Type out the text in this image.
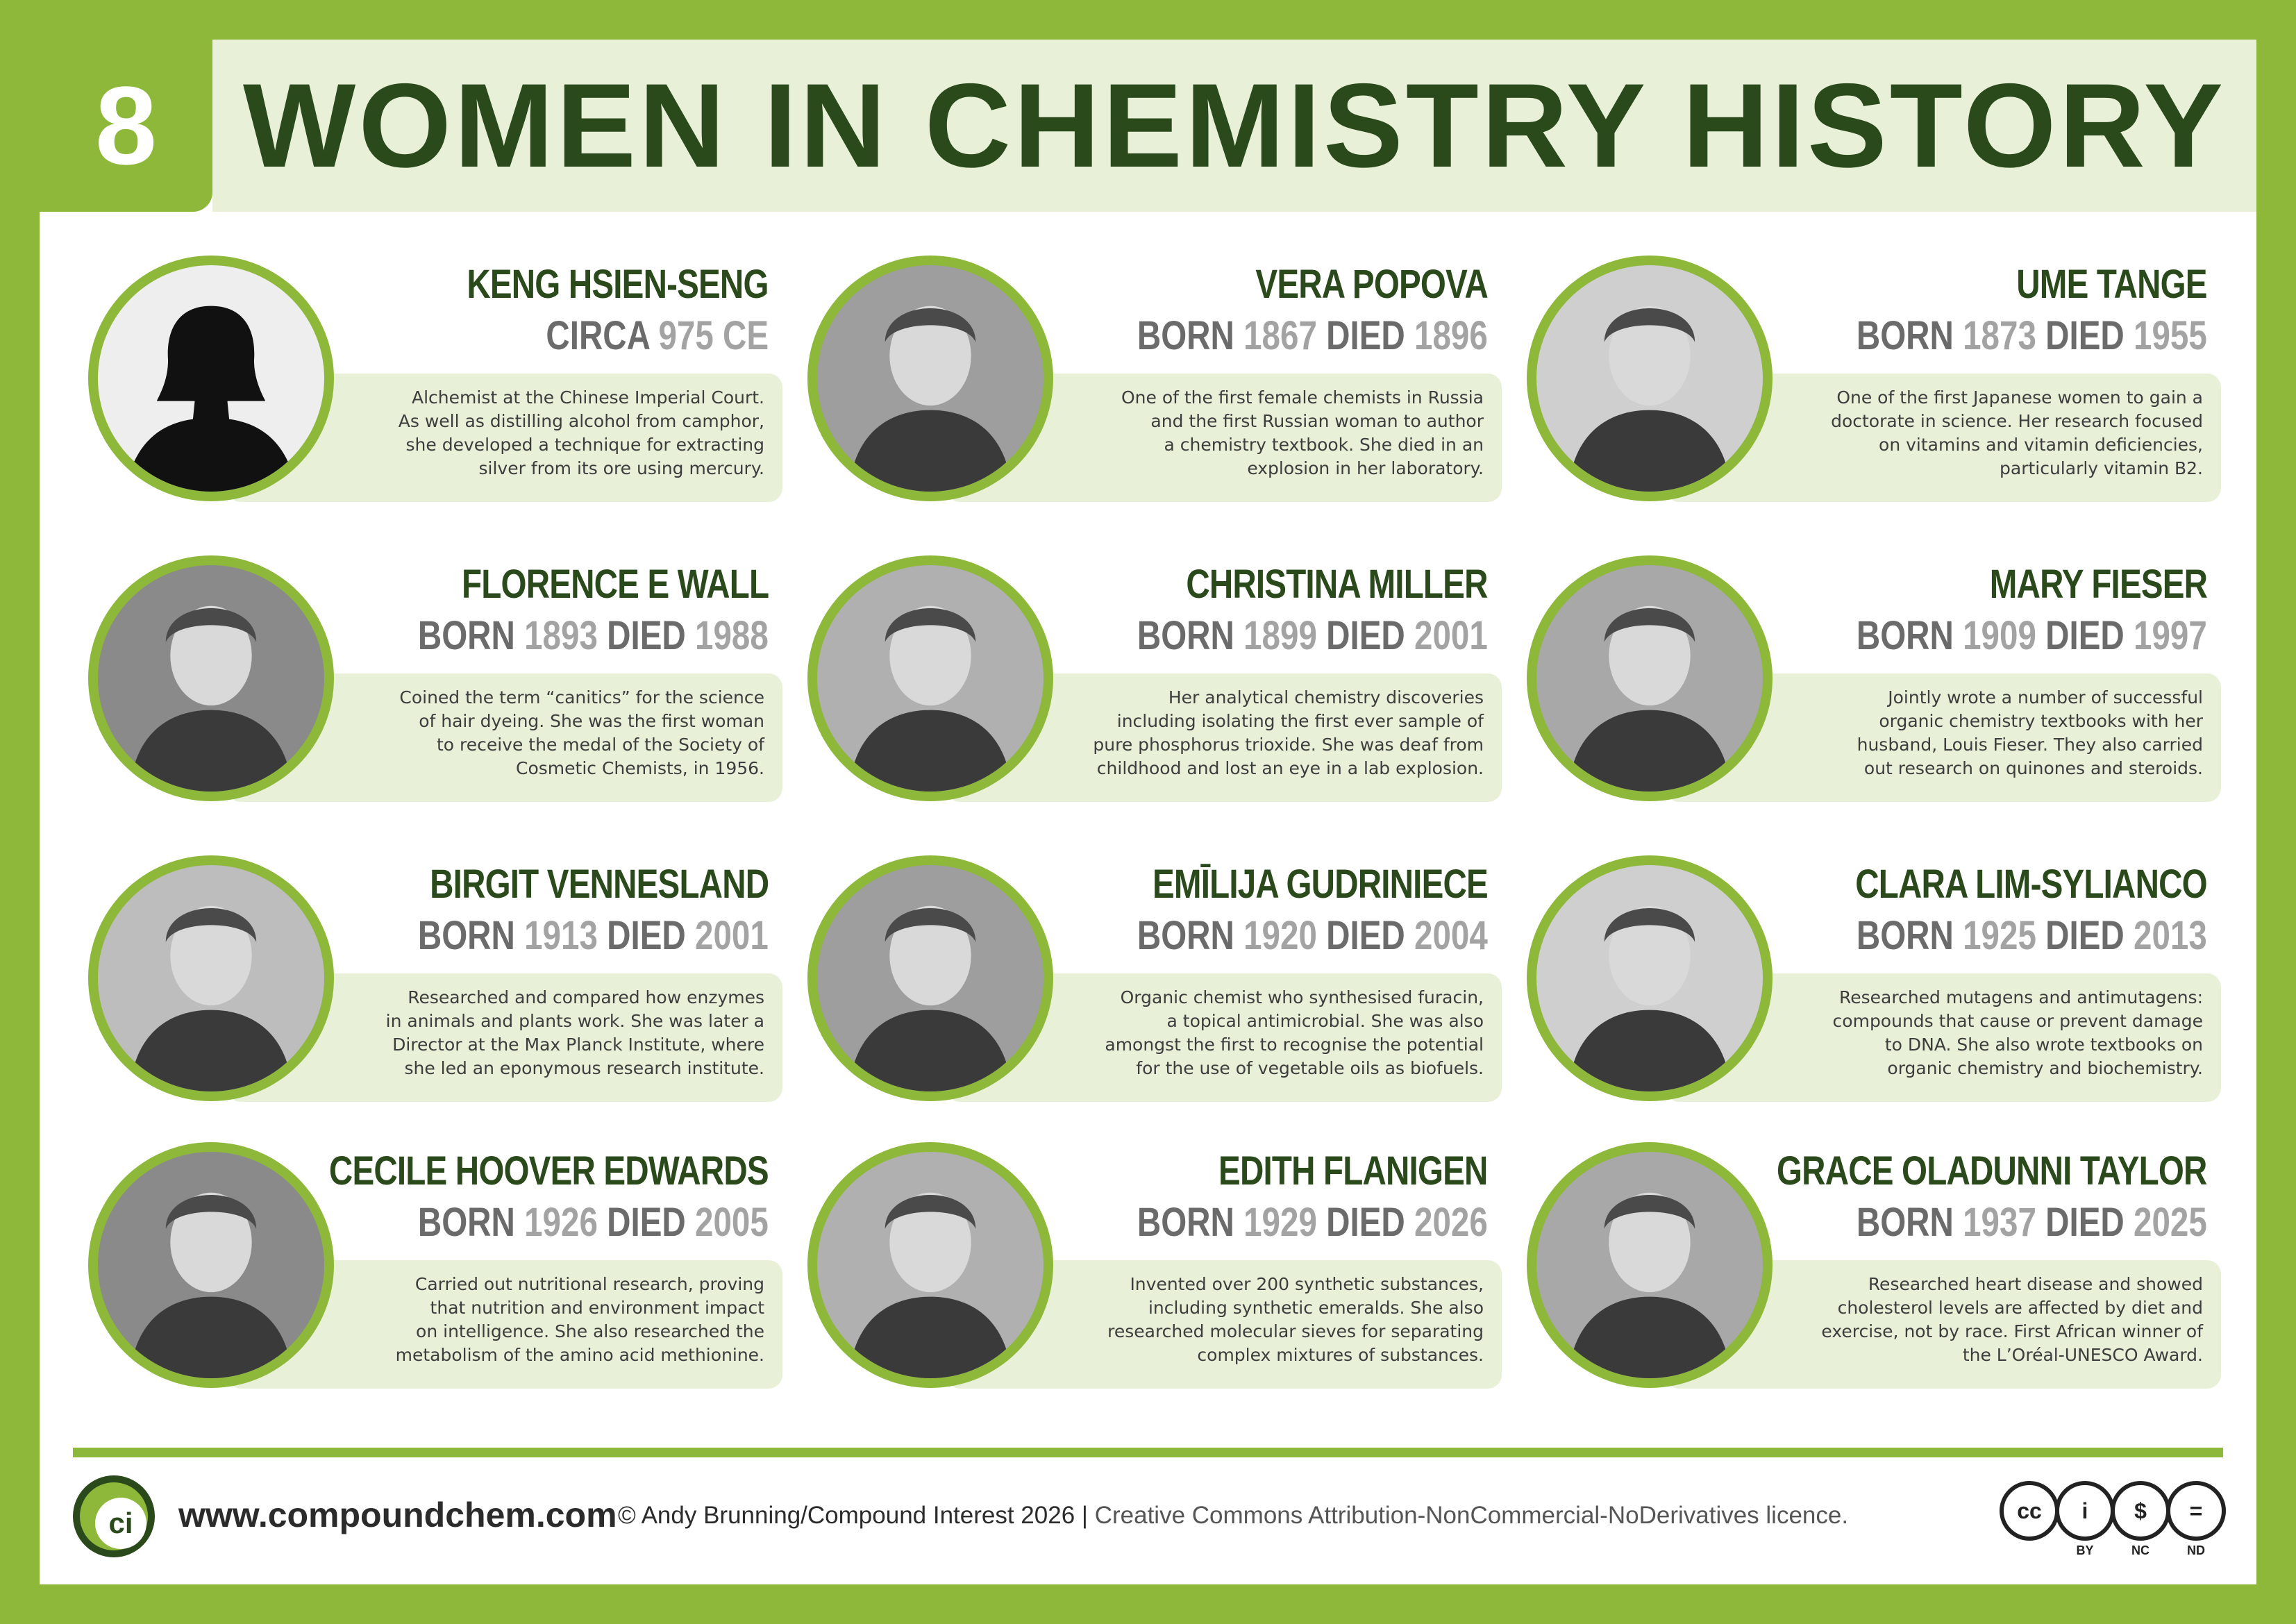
8 WOMEN IN CHEMISTRY HISTORY
KENG HSIEN-SENG
CIRCA 975 CE
Alchemist at the Chinese Imperial Court.
As well as distilling alcohol from camphor,
she developed a technique for extracting
silver from its ore using mercury.
VERA POPOVA
BORN 1867 DIED 1896
One of the first female chemists in Russia
and the first Russian woman to author
a chemistry textbook. She died in an
explosion in her laboratory.
UME TANGE
BORN 1873 DIED 1955
One of the first Japanese women to gain a
doctorate in science. Her research focused
on vitamins and vitamin deficiencies,
particularly vitamin B2.
FLORENCE E WALL
BORN 1893 DIED 1988
Coined the term “canitics” for the science
of hair dyeing. She was the first woman
to receive the medal of the Society of
Cosmetic Chemists, in 1956.
CHRISTINA MILLER
BORN 1899 DIED 2001
Her analytical chemistry discoveries
including isolating the first ever sample of
pure phosphorus trioxide. She was deaf from
childhood and lost an eye in a lab explosion.
MARY FIESER
BORN 1909 DIED 1997
Jointly wrote a number of successful
organic chemistry textbooks with her
husband, Louis Fieser. They also carried
out research on quinones and steroids.
BIRGIT VENNESLAND
BORN 1913 DIED 2001
Researched and compared how enzymes
in animals and plants work. She was later a
Director at the Max Planck Institute, where
she led an eponymous research institute.
EMĪLIJA GUDRINIECE
BORN 1920 DIED 2004
Organic chemist who synthesised furacin,
a topical antimicrobial. She was also
amongst the first to recognise the potential
for the use of vegetable oils as biofuels.
CLARA LIM-SYLIANCO
BORN 1925 DIED 2013
Researched mutagens and antimutagens:
compounds that cause or prevent damage
to DNA. She also wrote textbooks on
organic chemistry and biochemistry.
CECILE HOOVER EDWARDS
BORN 1926 DIED 2005
Carried out nutritional research, proving
that nutrition and environment impact
on intelligence. She also researched the
metabolism of the amino acid methionine.
EDITH FLANIGEN
BORN 1929 DIED 2026
Invented over 200 synthetic substances,
including synthetic emeralds. She also
researched molecular sieves for separating
complex mixtures of substances.
GRACE OLADUNNI TAYLOR
BORN 1937 DIED 2025
Researched heart disease and showed
cholesterol levels are affected by diet and
exercise, not by race. First African winner of
the L’Oréal-UNESCO Award.
ci	www.compoundchem.com © Andy Brunning/Compound Interest 2026 | Creative Commons Attribution-NonCommercial-NoDerivatives licence.	cc	i
BY
$
NC
=
ND
